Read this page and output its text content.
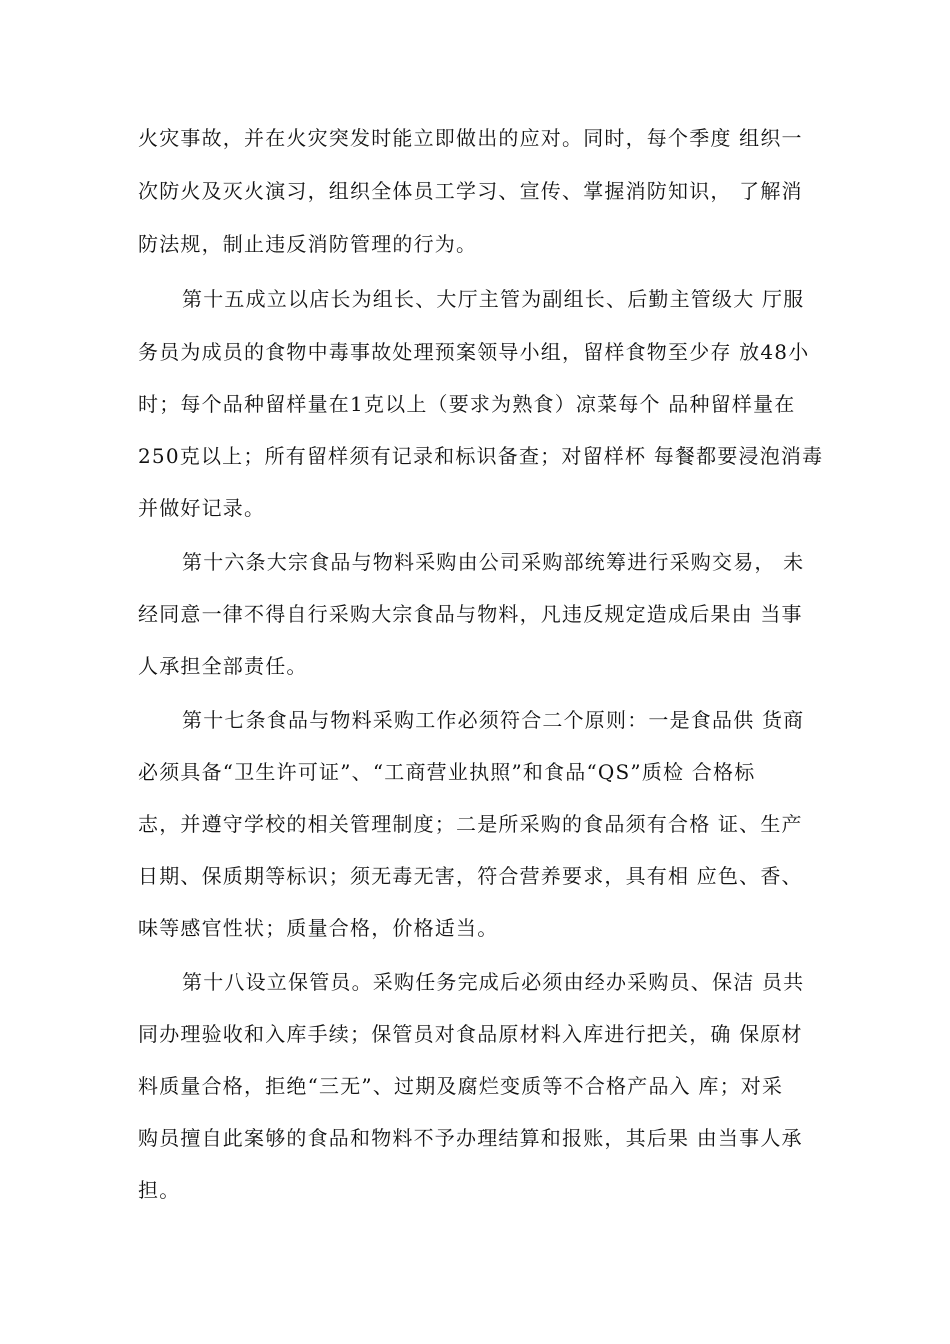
火灾事故，并在火灾突发时能立即做出的应对。同时，每个季度 组织一
次防火及灭火演习，组织全体员工学习、宣传、掌握消防知识， 了解消
防法规，制止违反消防管理的行为。
第十五成立以店长为组长、大厅主管为副组长、后勤主管级大 厅服
务员为成员的食物中毒事故处理预案领导小组，留样食物至少存 放48小
时；每个品种留样量在1克以上（要求为熟食）凉菜每个 品种留样量在
250克以上；所有留样须有记录和标识备查；对留样杯 每餐都要浸泡消毒
并做好记录。
第十六条大宗食品与物料采购由公司采购部统筹进行采购交易， 未
经同意一律不得自行采购大宗食品与物料，凡违反规定造成后果由 当事
人承担全部责任。
第十七条食品与物料采购工作必须符合二个原则：一是食品供 货商
必须具备“卫生许可证”、“工商营业执照”和食品“QS”质检 合格标
志，并遵守学校的相关管理制度；二是所采购的食品须有合格 证、生产
日期、保质期等标识；须无毒无害，符合营养要求，具有相 应色、香、
味等感官性状；质量合格，价格适当。
第十八设立保管员。采购任务完成后必须由经办采购员、保洁 员共
同办理验收和入库手续；保管员对食品原材料入库进行把关，确 保原材
料质量合格，拒绝“三无”、过期及腐烂变质等不合格产品入 库；对采
购员擅自此案够的食品和物料不予办理结算和报账，其后果 由当事人承
担。
